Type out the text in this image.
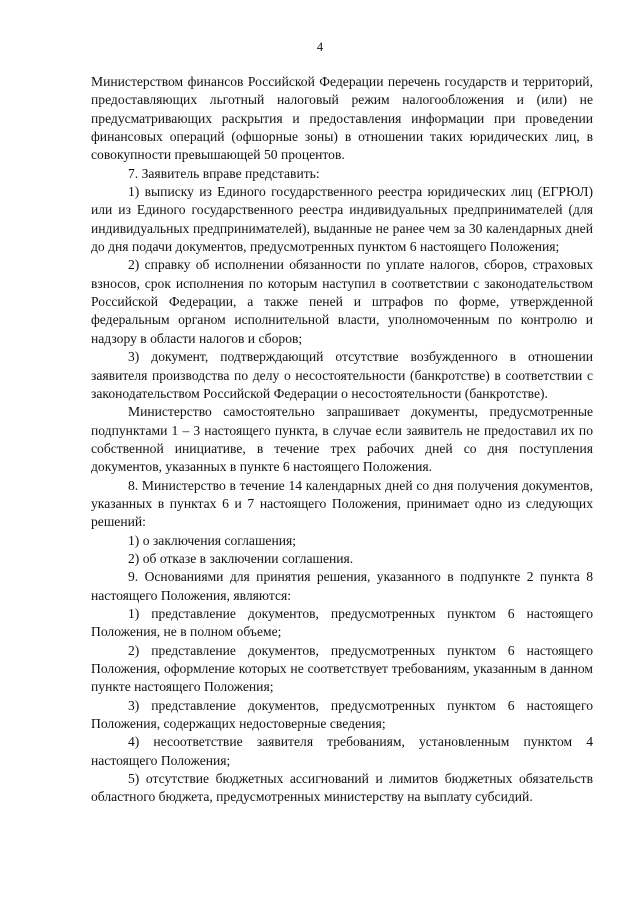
4

Министерством финансов Российской Федерации перечень государств и территорий, предоставляющих льготный налоговый режим налогообложения и (или) не предусматривающих раскрытия и предоставления информации при проведении финансовых операций (офшорные зоны) в отношении таких юридических лиц, в совокупности превышающей 50 процентов.

7. Заявитель вправе представить:

1) выписку из Единого государственного реестра юридических лиц (ЕГРЮЛ) или из Единого государственного реестра индивидуальных предпринимателей (для индивидуальных предпринимателей), выданные не ранее чем за 30 календарных дней до дня подачи документов, предусмотренных пунктом 6 настоящего Положения;

2) справку об исполнении обязанности по уплате налогов, сборов, страховых взносов, срок исполнения по которым наступил в соответствии с законодательством Российской Федерации, а также пеней и штрафов по форме, утвержденной федеральным органом исполнительной власти, уполномоченным по контролю и надзору в области налогов и сборов;

3) документ, подтверждающий отсутствие возбужденного в отношении заявителя производства по делу о несостоятельности (банкротстве) в соответствии с законодательством Российской Федерации о несостоятельности (банкротстве).

Министерство самостоятельно запрашивает документы, предусмотренные подпунктами 1 – 3 настоящего пункта, в случае если заявитель не предоставил их по собственной инициативе, в течение трех рабочих дней со дня поступления документов, указанных в пункте 6 настоящего Положения.

8. Министерство в течение 14 календарных дней со дня получения документов, указанных в пунктах 6 и 7 настоящего Положения, принимает одно из следующих решений:

1) о заключения соглашения;

2) об отказе в заключении соглашения.

9. Основаниями для принятия решения, указанного в подпункте 2 пункта 8 настоящего Положения, являются:

1) представление документов, предусмотренных пунктом 6 настоящего Положения, не в полном объеме;

2) представление документов, предусмотренных пунктом 6 настоящего Положения, оформление которых не соответствует требованиям, указанным в данном пункте настоящего Положения;

3) представление документов, предусмотренных пунктом 6 настоящего Положения, содержащих недостоверные сведения;

4) несоответствие заявителя требованиям, установленным пунктом 4 настоящего Положения;

5) отсутствие бюджетных ассигнований и лимитов бюджетных обязательств областного бюджета, предусмотренных министерству на выплату субсидий.
